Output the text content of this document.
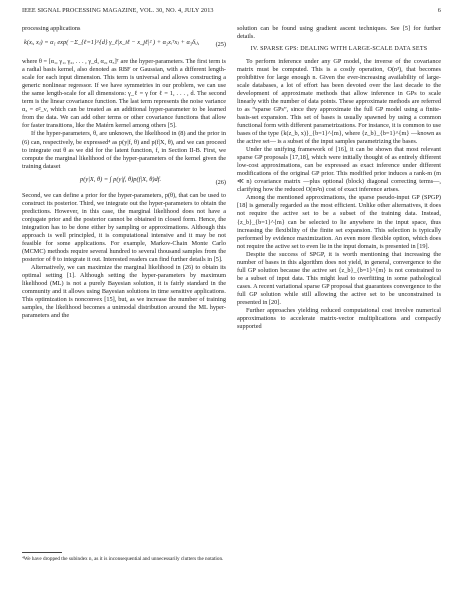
IEEE SIGNAL PROCESSING MAGAZINE, VOL. 30, NO. 4, JULY 2013	6

processing applications

k(xᵢ, xⱼ) = α₁ exp( −Σ_{ℓ=1}^{d} γ_ℓ|x_iℓ − x_jℓ|² ) + α₂xᵢᵀxⱼ + α₃δᵢⱼ,	(25)

where θ = [α₁, γ₁, γ₂, . . . , γ_d, α₂, α₃]ᵀ are the hyper-parameters. The first term is a radial basis kernel, also denoted as RBF or Gaussian, with a different length-scale for each input dimension. This term is universal and allows constructing a generic nonlinear regressor. If we have symmetries in our problem, we can use the same length-scale for all dimensions: γ_ℓ = γ for ℓ = 1, . . . , d. The second term is the linear covariance function. The last term represents the noise variance α₃ = σ²_ν, which can be treated as an additional hyper-parameter to be learned from the data. We can add other terms or other covariance functions that allow for faster transitions, like the Matérn kernel among others [5].

If the hyper-parameters, θ, are unknown, the likelihood in (8) and the prior in (6) can, respectively, be expressed⁴ as p(y|f, θ) and p(f|X, θ), and we can proceed to integrate out θ as we did for the latent function, f, in Section II-B. First, we compute the marginal likelihood of the hyper-parameters of the kernel given the training dataset

p(y|X, θ) = ∫ p(y|f, θ)p(f|X, θ)df.	(26)

Second, we can define a prior for the hyper-parameters, p(θ), that can be used to construct its posterior. Third, we integrate out the hyper-parameters to obtain the predictions. However, in this case, the marginal likelihood does not have a conjugate prior and the posterior cannot be obtained in closed form. Hence, the integration has to be done either by sampling or approximations. Although this approach is well principled, it is computational intensive and it may be not feasible for some applications. For example, Markov-Chain Monte Carlo (MCMC) methods require several hundred to several thousand samples from the posterior of θ to integrate it out. Interested readers can find further details in [5].

Alternatively, we can maximize the marginal likelihood in (26) to obtain its optimal setting [1]. Although setting the hyper-parameters by maximum likelihood (ML) is not a purely Bayesian solution, it is fairly standard in the community and it allows using Bayesian solutions in time sensitive applications. This optimization is nonconvex [15], but, as we increase the number of training samples, the likelihood becomes a unimodal distribution around the ML hyper-parameters and the

⁴We have dropped the subindex n, as it is inconsequential and unnecessarily clutters the notation.

solution can be found using gradient ascent techniques. See [5] for further details.

IV. SPARSE GPS: DEALING WITH LARGE-SCALE DATA SETS

To perform inference under any GP model, the inverse of the covariance matrix must be computed. This is a costly operation, O(n³), that becomes prohibitive for large enough n. Given the ever-increasing availability of large-scale databases, a lot of effort has been devoted over the last decade to the development of approximate methods that allow inference in GPs to scale linearly with the number of data points. These approximate methods are referred to as “sparse GPs”, since they approximate the full GP model using a finite-basis-set expansion. This set of bases is usually spawned by using a common functional form with different parametrizations. For instance, it is common to use bases of the type {k(z_b, x)}_{b=1}^{m}, where {z_b}_{b=1}^{m} —known as the active set— is a subset of the input samples parametrizing the bases.

Under the unifying framework of [16], it can be shown that most relevant sparse GP proposals [17,18], which were initially thought of as entirely different low-cost approximations, can be expressed as exact inference under different modifications of the original GP prior. This modified prior induces a rank-m (m ≪ n) covariance matrix —plus optional (block) diagonal correcting terms—, clarifying how the reduced O(m²n) cost of exact inference arises.

Among the mentioned approximations, the sparse pseudo-input GP (SPGP) [18] is generally regarded as the most efficient. Unlike other alternatives, it does not require the active set to be a subset of the training data. Instead, {z_b}_{b=1}^{m} can be selected to lie anywhere in the input space, thus increasing the flexibility of the finite set expansion. This selection is typically performed by evidence maximization. An even more flexible option, which does not require the active set to even lie in the input domain, is presented in [19].

Despite the success of SPGP, it is worth mentioning that increasing the number of bases in this algorithm does not yield, in general, convergence to the full GP solution because the active set {z_b}_{b=1}^{m} is not constrained to be a subset of input data. This might lead to overfitting in some pathological cases. A recent variational sparse GP proposal that guarantees convergence to the full GP solution while still allowing the active set to be unconstrained is presented in [20].

Further approaches yielding reduced computational cost involve numerical approximations to accelerate matrix-vector multiplications and compactly supported
